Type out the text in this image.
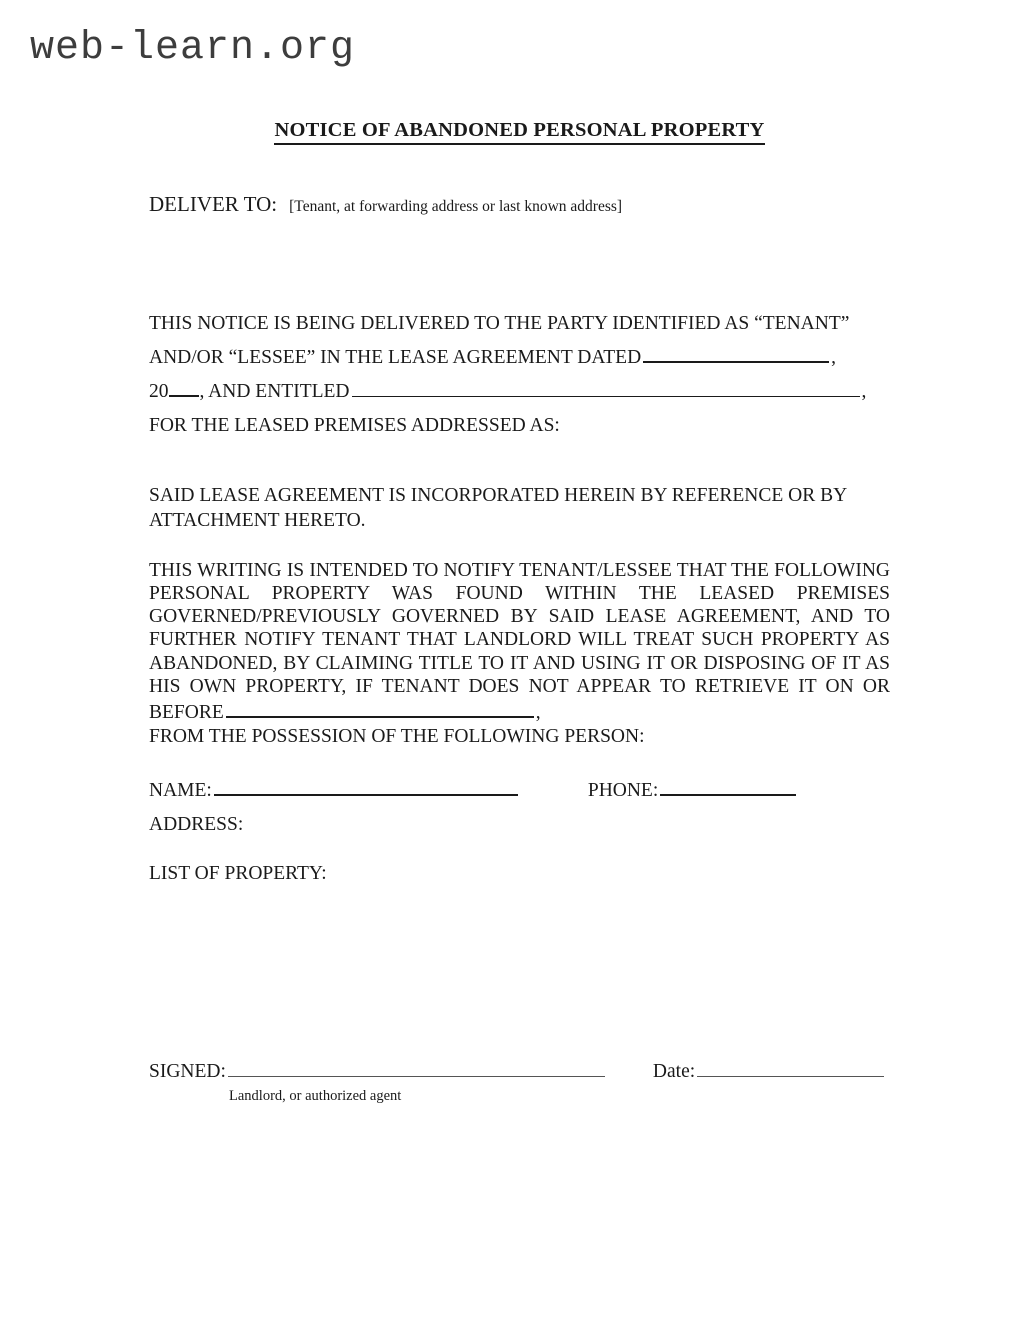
web-learn.org
NOTICE OF ABANDONED PERSONAL PROPERTY
DELIVER TO: [Tenant, at forwarding address or last known address]
THIS NOTICE IS BEING DELIVERED TO THE PARTY IDENTIFIED AS “TENANT”
AND/OR “LESSEE” IN THE LEASE AGREEMENT DATED	,
20 , AND ENTITLED	,
FOR THE LEASED PREMISES ADDRESSED AS:
SAID LEASE AGREEMENT IS INCORPORATED HEREIN BY REFERENCE OR BY ATTACHMENT HERETO.
THIS WRITING IS INTENDED TO NOTIFY TENANT/LESSEE THAT THE FOLLOWING PERSONAL PROPERTY WAS FOUND WITHIN THE LEASED PREMISES GOVERNED/PREVIOUSLY GOVERNED BY SAID LEASE AGREEMENT, AND TO FURTHER NOTIFY TENANT THAT LANDLORD WILL TREAT SUCH PROPERTY AS ABANDONED, BY CLAIMING TITLE TO IT AND USING IT OR DISPOSING OF IT AS HIS OWN PROPERTY, IF TENANT DOES NOT APPEAR TO RETRIEVE IT ON OR BEFORE	,
FROM THE POSSESSION OF THE FOLLOWING PERSON:
NAME:	PHONE:
ADDRESS:
LIST OF PROPERTY:
SIGNED:	Date:
Landlord, or authorized agent
